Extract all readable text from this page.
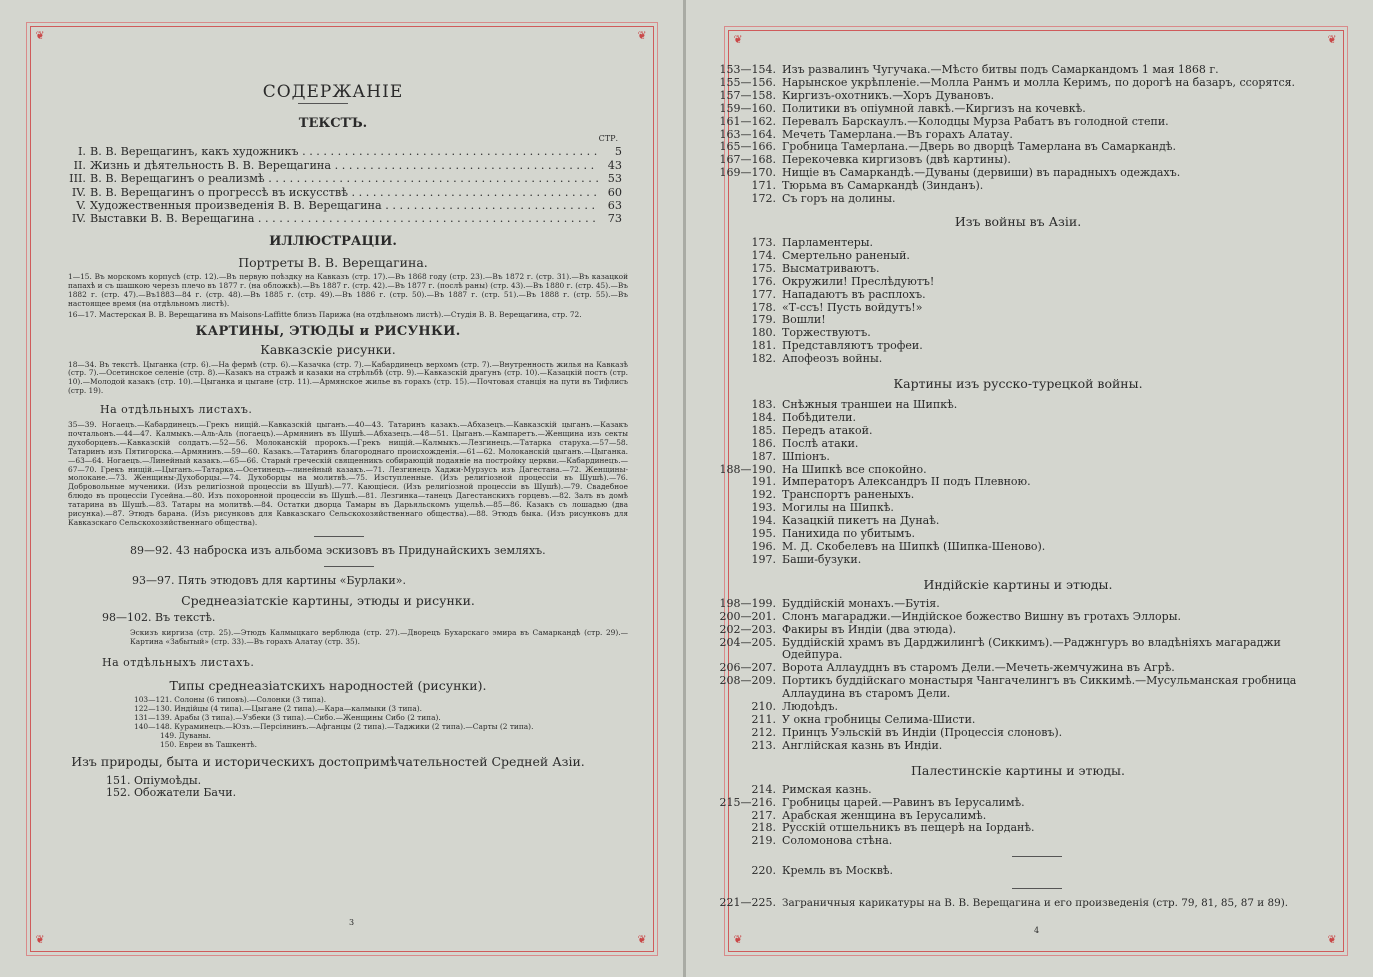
❦	❦
❦	❦
СОДЕРЖАНІЕ
ТЕКСТЪ.
СТР.
I. В. В. Верещагинъ, какъ художникъ . . .	5
II. Жизнь и дѣятельность В. В. Верещагина . . .	43
III. В. В. Верещагинъ о реализмѣ . . .	53
IV. В. В. Верещагинъ о прогрессѣ въ искусствѣ . . .	60
V. Художественныя произведенія В. В. Верещагина . . .	63
IV. Выставки В. В. Верещагина . . .	73
ИЛЛЮСТРАЦІИ.
Портреты В. В. Верещагина.
1—15. Въ морскомъ корпусѣ (стр. 12).—Въ первую поѣздку на Кавказъ (стр. 17).—Въ 1868 году (стр. 23).—Въ 1872 г. (стр. 31).—Въ казацкой папахѣ и съ шашкою черезъ плечо въ 1877 г. (на обложкѣ).—Въ 1887 г. (стр. 42).—Въ 1877 г. (послѣ раны) (стр. 43).—Въ 1880 г. (стр. 45).—Въ 1882 г. (стр. 47).—Въ1883—84 г. (стр. 48).—Въ 1885 г. (стр. 49).—Въ 1886 г. (стр. 50).—Въ 1887 г. (стр. 51).—Въ 1888 г. (стр. 55).—Въ настоящее время (на отдѣльномъ листѣ).
16—17. Мастерская В. В. Верещагина въ Maisons-Laffitte близъ Парижа (на отдѣльномъ листѣ).—Студія В. В. Верещагина, стр. 72.
КАРТИНЫ, ЭТЮДЫ и РИСУНКИ.
Кавказскіе рисунки.
18—34. Въ текстѣ. Цыганка (стр. 6).—На фермѣ (стр. 6).—Казачка (стр. 7).—Кабардинецъ верхомъ (стр. 7).—Внутренность жилья на Кавказѣ (стр. 7).—Осетинское селеніе (стр. 8).—Казакъ на стражѣ и казаки на стрѣльбѣ (стр. 9).—Кавказскій драгунъ (стр. 10).—Казацкій постъ (стр. 10).—Молодой казакъ (стр. 10).—Цыганка и цыгане (стр. 11).—Армянское жилье въ горахъ (стр. 15).—Почтовая станція на пути въ Тифлисъ (стр. 19).
На отдѣльныхъ листахъ.
35—39. Ногаецъ.—Кабардинецъ.—Грекъ нищій.—Кавказскій цыганъ.—40—43. Татаринъ казакъ.—Абхазецъ.—Кавказскій цыганъ.—Казакъ почтальонъ.—44—47. Калмыкъ.—Аль-Аль (погаецъ).—Армянинъ въ Шушѣ.—Абхазецъ.—48—51. Цыганъ.—Кампаретъ.—Женщина изъ секты духоборцевъ.—Кавказскій солдатъ.—52—56. Молоканскій пророкъ.—Грекъ нищій.—Калмыкъ.—Лезгинецъ.—Татарка старуха.—57—58. Татаринъ изъ Пятигорска.—Армянинъ.—59—60. Казакъ.—Татаринъ благороднаго происхожденія.—61—62. Молоканскій цыганъ.—Цыганка.—63—64. Ногаецъ.—Линейный казакъ.—65—66. Старый греческій священникъ собирающій подаяніе на постройку церкви.—Кабардинецъ.—67—70. Грекъ нищій.—Цыганъ.—Татарка.—Осетинецъ—линейный казакъ.—71. Лезгинецъ Хаджи-Мурзусъ изъ Дагестана.—72. Женщины-молоканe.—73. Женщины-Духоборцы.—74. Духоборцы на молитвѣ.—75. Изступленные. (Изъ религіозной процессіи въ Шушѣ).—76. Добровольные мученики. (Изъ религіозной процессіи въ Шушѣ).—77. Кающіеся. (Изъ религіозной процессіи въ Шушѣ).—79. Свадебное блюдо въ процессіи Гусейна.—80. Изъ похоронной процессіи въ Шушѣ.—81. Лезгинка—танецъ Дагестанскихъ горцевъ.—82. Залъ въ домѣ татарина въ Шушѣ.—83. Татары на молитвѣ.—84. Остатки дворца Тамары въ Дарьяльскомъ ущельѣ.—85—86. Казакъ съ лошадью (два рисунка).—87. Этюдъ барана. (Изъ рисунковъ для Кавказскаго Сельскохозяйственнаго общества).—88. Этюдъ быка. (Изъ рисунковъ для Кавказскаго Сельскохозяйственнаго общества).
89—92. 43 наброска изъ альбома эскизовъ въ Придунайскихъ земляхъ.
93—97. Пять этюдовъ для картины «Бурлаки».
Среднеазіатскіе картины, этюды и рисунки.
98—102. Въ текстѣ.
Эскизъ киргиза (стр. 25).—Этюдъ Калмыцкаго верблюда (стр. 27).—Дворецъ Бухарскаго эмира въ Самаркандѣ (стр. 29).—Картина «Забытый» (стр. 33).—Въ горахъ Алатау (стр. 35).
На отдѣльныхъ листахъ.
Типы среднеазіатскихъ народностей (рисунки).
103—121. Солоны (6 типовъ).—Солонки (3 типа).
122—130. Индійцы (4 типа).—Цыгане (2 типа).—Кара—калмыки (3 типа).
131—139. Арабы (3 типа).—Узбеки (3 типа).—Сибо.—Женщины Сибо (2 типа).
140—148. Кураминецъ.—Юзъ.—Персіянинъ.—Афганцы (2 типа).—Таджики (2 типа).—Сарты (2 типа).
149. Дуваны.
150. Евреи въ Ташкентѣ.
Изъ природы, быта и историческихъ достопримѣчательностей Средней Азіи.
151. Опіумоѣды.
152. Обожатели Бачи.
3
❦	❦
❦	❦
153—154. Изъ развалинъ Чугучака.—Мѣсто битвы подъ Самаркандомъ 1 мая 1868 г.
155—156. Нарынское укрѣпленіе.—Молла Ранмъ и молла Керимъ, по дорогѣ на базаръ, ссорятся.
157—158. Киргизъ-охотникъ.—Хоръ Дувановъ.
159—160. Политики въ опіумной лавкѣ.—Киргизъ на кочевкѣ.
161—162. Перевалъ Барскаулъ.—Колодцы Мурза Рабатъ въ голодной степи.
163—164. Мечеть Тамерлана.—Въ горахъ Алатау.
165—166. Гробница Тамерлана.—Дверь во дворцѣ Тамерлана въ Самаркандѣ.
167—168. Перекочевка киргизовъ (двѣ картины).
169—170. Нищіе въ Самаркандѣ.—Дуваны (дервиши) въ парадныхъ одеждахъ.
171. Тюрьма въ Самаркандѣ (Зинданъ).
172. Съ горъ на долины.
Изъ войны въ Азіи.
173. Парламентеры.
174. Смертельно раненый.
175. Высматриваютъ.
176. Окружили! Преслѣдуютъ!
177. Нападаютъ въ расплохъ.
178. «Т-ссъ! Пусть войдутъ!»
179. Вошли!
180. Торжествуютъ.
181. Представляютъ трофеи.
182. Апофеозъ войны.
Картины изъ русско-турецкой войны.
183. Снѣжныя траншеи на Шипкѣ.
184. Побѣдители.
185. Передъ атакой.
186. Послѣ атаки.
187. Шпіонъ.
188—190. На Шипкѣ все спокойно.
191. Императоръ Александръ II подъ Плевною.
192. Транспортъ раненыхъ.
193. Могилы на Шипкѣ.
194. Казацкій пикетъ на Дунаѣ.
195. Панихида по убитымъ.
196. М. Д. Скобелевъ на Шипкѣ (Шипка-Шеново).
197. Баши-бузуки.
Индійскіе картины и этюды.
198—199. Буддійскій монахъ.—Бутія.
200—201. Слонъ магараджи.—Индійское божество Вишну въ гротахъ Эллоры.
202—203. Факиры въ Индіи (два этюда).
204—205. Буддійскій храмъ въ Дарджилингѣ (Сиккимъ).—Раджнгуръ во владѣніяхъ магараджи
Одейпура.
206—207. Ворота Аллаудднъ въ старомъ Дели.—Мечеть-жемчужина въ Агрѣ.
208—209. Портикъ буддійскаго монастыря Чангачелингъ въ Сиккимѣ.—Мусульманская гробница
Аллаудина въ старомъ Дели.
210. Людоѣдъ.
211. У окна гробницы Селима-Шисти.
212. Принцъ Уэльскій въ Индіи (Процессія слоновъ).
213. Англійская казнь въ Индіи.
Палестинскіе картины и этюды.
214. Римская казнь.
215—216. Гробницы царей.—Равинъ въ Іерусалимѣ.
217. Арабская женщина въ Іерусалимѣ.
218. Русскій отшельникъ въ пещерѣ на Іорданѣ.
219. Соломонова стѣна.
220. Кремль въ Москвѣ.
221—225. Заграничныя карикатуры на В. В. Верещагина и его произведенія (стр. 79, 81, 85, 87 и 89).
4
